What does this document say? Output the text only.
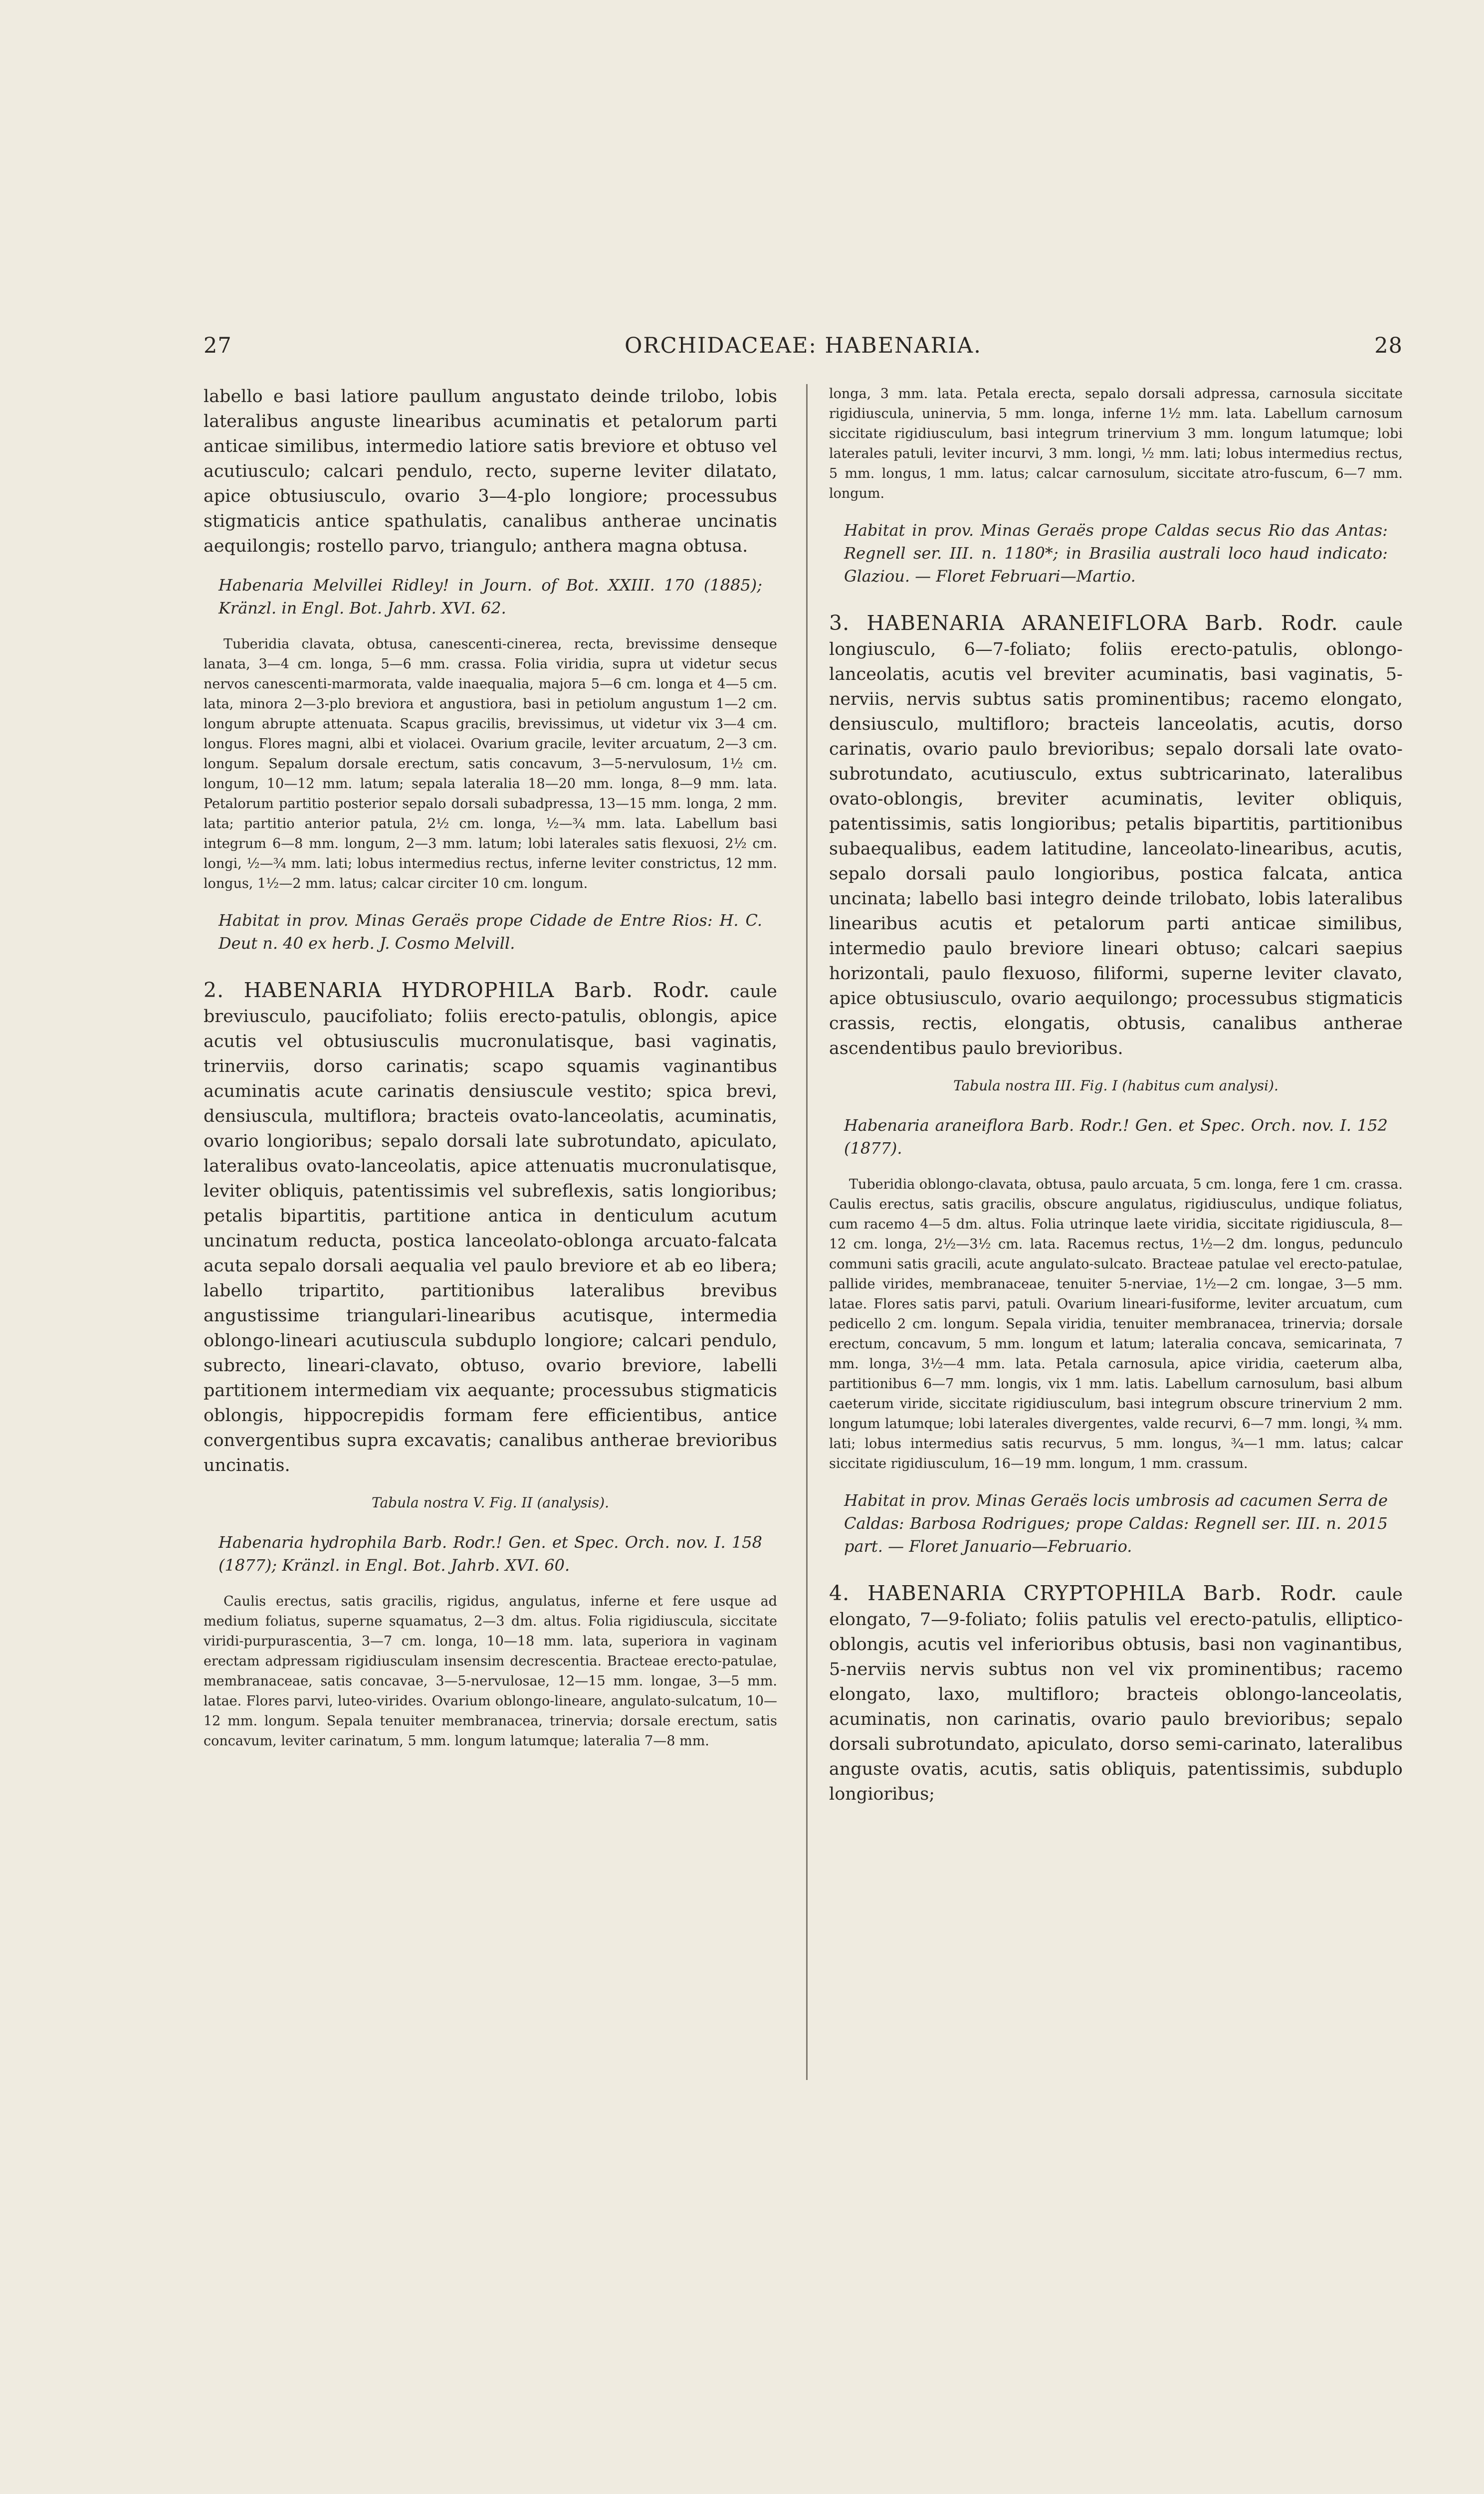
27	ORCHIDACEAE: HABENARIA.	28

labello e basi latiore paullum angustato deinde trilobo, lobis lateralibus anguste linearibus acuminatis et petalorum parti anticae similibus, intermedio latiore satis breviore et obtuso vel acutiusculo; calcari pendulo, recto, superne leviter dilatato, apice obtusiusculo, ovario 3—4-plo longiore; processubus stigmaticis antice spathulatis, canalibus antherae uncinatis aequilongis; rostello parvo, triangulo; anthera magna obtusa.

Habenaria Melvillei Ridley! in Journ. of Bot. XXIII. 170 (1885); Kränzl. in Engl. Bot. Jahrb. XVI. 62.

Tuberidia clavata, obtusa, canescenti-cinerea, recta, brevissime denseque lanata, 3—4 cm. longa, 5—6 mm. crassa. Folia viridia, supra ut videtur secus nervos canescenti-marmorata, valde inaequalia, majora 5—6 cm. longa et 4—5 cm. lata, minora 2—3-plo breviora et angustiora, basi in petiolum angustum 1—2 cm. longum abrupte attenuata. Scapus gracilis, brevissimus, ut videtur vix 3—4 cm. longus. Flores magni, albi et violacei. Ovarium gracile, leviter arcuatum, 2—3 cm. longum. Sepalum dorsale erectum, satis concavum, 3—5-nervulosum, 1½ cm. longum, 10—12 mm. latum; sepala lateralia 18—20 mm. longa, 8—9 mm. lata. Petalorum partitio posterior sepalo dorsali subadpressa, 13—15 mm. longa, 2 mm. lata; partitio anterior patula, 2½ cm. longa, ½—¾ mm. lata. Labellum basi integrum 6—8 mm. longum, 2—3 mm. latum; lobi laterales satis flexuosi, 2½ cm. longi, ½—¾ mm. lati; lobus intermedius rectus, inferne leviter constrictus, 12 mm. longus, 1½—2 mm. latus; calcar circiter 10 cm. longum.

Habitat in prov. Minas Geraës prope Cidade de Entre Rios: H. C. Deut n. 40 ex herb. J. Cosmo Melvill.

2. HABENARIA HYDROPHILA Barb. Rodr. caule breviusculo, paucifoliato; foliis erecto-patulis, oblongis, apice acutis vel obtusiusculis mucronulatisque, basi vaginatis, trinerviis, dorso carinatis; scapo squamis vaginantibus acuminatis acute carinatis densiuscule vestito; spica brevi, densiuscula, multiflora; bracteis ovato-lanceolatis, acuminatis, ovario longioribus; sepalo dorsali late subrotundato, apiculato, lateralibus ovato-lanceolatis, apice attenuatis mucronulatisque, leviter obliquis, patentissimis vel subreflexis, satis longioribus; petalis bipartitis, partitione antica in denticulum acutum uncinatum reducta, postica lanceolato-oblonga arcuato-falcata acuta sepalo dorsali aequalia vel paulo breviore et ab eo libera; labello tripartito, partitionibus lateralibus brevibus angustissime triangulari-linearibus acutisque, intermedia oblongo-lineari acutiuscula subduplo longiore; calcari pendulo, subrecto, lineari-clavato, obtuso, ovario breviore, labelli partitionem intermediam vix aequante; processubus stigmaticis oblongis, hippocrepidis formam fere efficientibus, antice convergentibus supra excavatis; canalibus antherae brevioribus uncinatis.

Tabula nostra V. Fig. II (analysis).

Habenaria hydrophila Barb. Rodr.! Gen. et Spec. Orch. nov. I. 158 (1877); Kränzl. in Engl. Bot. Jahrb. XVI. 60.

Caulis erectus, satis gracilis, rigidus, angulatus, inferne et fere usque ad medium foliatus, superne squamatus, 2—3 dm. altus. Folia rigidiuscula, siccitate viridi-purpurascentia, 3—7 cm. longa, 10—18 mm. lata, superiora in vaginam erectam adpressam rigidiusculam insensim decrescentia. Bracteae erecto-patulae, membranaceae, satis concavae, 3—5-nervulosae, 12—15 mm. longae, 3—5 mm. latae. Flores parvi, luteo-virides. Ovarium oblongo-lineare, angulato-sulcatum, 10—12 mm. longum. Sepala tenuiter membranacea, trinervia; dorsale erectum, satis concavum, leviter carinatum, 5 mm. longum latumque; lateralia 7—8 mm.

longa, 3 mm. lata. Petala erecta, sepalo dorsali adpressa, carnosula siccitate rigidiuscula, uninervia, 5 mm. longa, inferne 1½ mm. lata. Labellum carnosum siccitate rigidiusculum, basi integrum trinervium 3 mm. longum latumque; lobi laterales patuli, leviter incurvi, 3 mm. longi, ½ mm. lati; lobus intermedius rectus, 5 mm. longus, 1 mm. latus; calcar carnosulum, siccitate atro-fuscum, 6—7 mm. longum.

Habitat in prov. Minas Geraës prope Caldas secus Rio das Antas: Regnell ser. III. n. 1180*; in Brasilia australi loco haud indicato: Glaziou. — Floret Februari—Martio.

3. HABENARIA ARANEIFLORA Barb. Rodr. caule longiusculo, 6—7-foliato; foliis erecto-patulis, oblongo-lanceolatis, acutis vel breviter acuminatis, basi vaginatis, 5-nerviis, nervis subtus satis prominentibus; racemo elongato, densiusculo, multifloro; bracteis lanceolatis, acutis, dorso carinatis, ovario paulo brevioribus; sepalo dorsali late ovato-subrotundato, acutiusculo, extus subtricarinato, lateralibus ovato-oblongis, breviter acuminatis, leviter obliquis, patentissimis, satis longioribus; petalis bipartitis, partitionibus subaequalibus, eadem latitudine, lanceolato-linearibus, acutis, sepalo dorsali paulo longioribus, postica falcata, antica uncinata; labello basi integro deinde trilobato, lobis lateralibus linearibus acutis et petalorum parti anticae similibus, intermedio paulo breviore lineari obtuso; calcari saepius horizontali, paulo flexuoso, filiformi, superne leviter clavato, apice obtusiusculo, ovario aequilongo; processubus stigmaticis crassis, rectis, elongatis, obtusis, canalibus antherae ascendentibus paulo brevioribus.

Tabula nostra III. Fig. I (habitus cum analysi).

Habenaria araneiflora Barb. Rodr.! Gen. et Spec. Orch. nov. I. 152 (1877).

Tuberidia oblongo-clavata, obtusa, paulo arcuata, 5 cm. longa, fere 1 cm. crassa. Caulis erectus, satis gracilis, obscure angulatus, rigidiusculus, undique foliatus, cum racemo 4—5 dm. altus. Folia utrinque laete viridia, siccitate rigidiuscula, 8—12 cm. longa, 2½—3½ cm. lata. Racemus rectus, 1½—2 dm. longus, pedunculo communi satis gracili, acute angulato-sulcato. Bracteae patulae vel erecto-patulae, pallide virides, membranaceae, tenuiter 5-nerviae, 1½—2 cm. longae, 3—5 mm. latae. Flores satis parvi, patuli. Ovarium lineari-fusiforme, leviter arcuatum, cum pedicello 2 cm. longum. Sepala viridia, tenuiter membranacea, trinervia; dorsale erectum, concavum, 5 mm. longum et latum; lateralia concava, semicarinata, 7 mm. longa, 3½—4 mm. lata. Petala carnosula, apice viridia, caeterum alba, partitionibus 6—7 mm. longis, vix 1 mm. latis. Labellum carnosulum, basi album caeterum viride, siccitate rigidiusculum, basi integrum obscure trinervium 2 mm. longum latumque; lobi laterales divergentes, valde recurvi, 6—7 mm. longi, ¾ mm. lati; lobus intermedius satis recurvus, 5 mm. longus, ¾—1 mm. latus; calcar siccitate rigidiusculum, 16—19 mm. longum, 1 mm. crassum.

Habitat in prov. Minas Geraës locis umbrosis ad cacumen Serra de Caldas: Barbosa Rodrigues; prope Caldas: Regnell ser. III. n. 2015 part. — Floret Januario—Februario.

4. HABENARIA CRYPTOPHILA Barb. Rodr. caule elongato, 7—9-foliato; foliis patulis vel erecto-patulis, elliptico-oblongis, acutis vel inferioribus obtusis, basi non vaginantibus, 5-nerviis nervis subtus non vel vix prominentibus; racemo elongato, laxo, multifloro; bracteis oblongo-lanceolatis, acuminatis, non carinatis, ovario paulo brevioribus; sepalo dorsali subrotundato, apiculato, dorso semi-carinato, lateralibus anguste ovatis, acutis, satis obliquis, patentissimis, subduplo longioribus;
